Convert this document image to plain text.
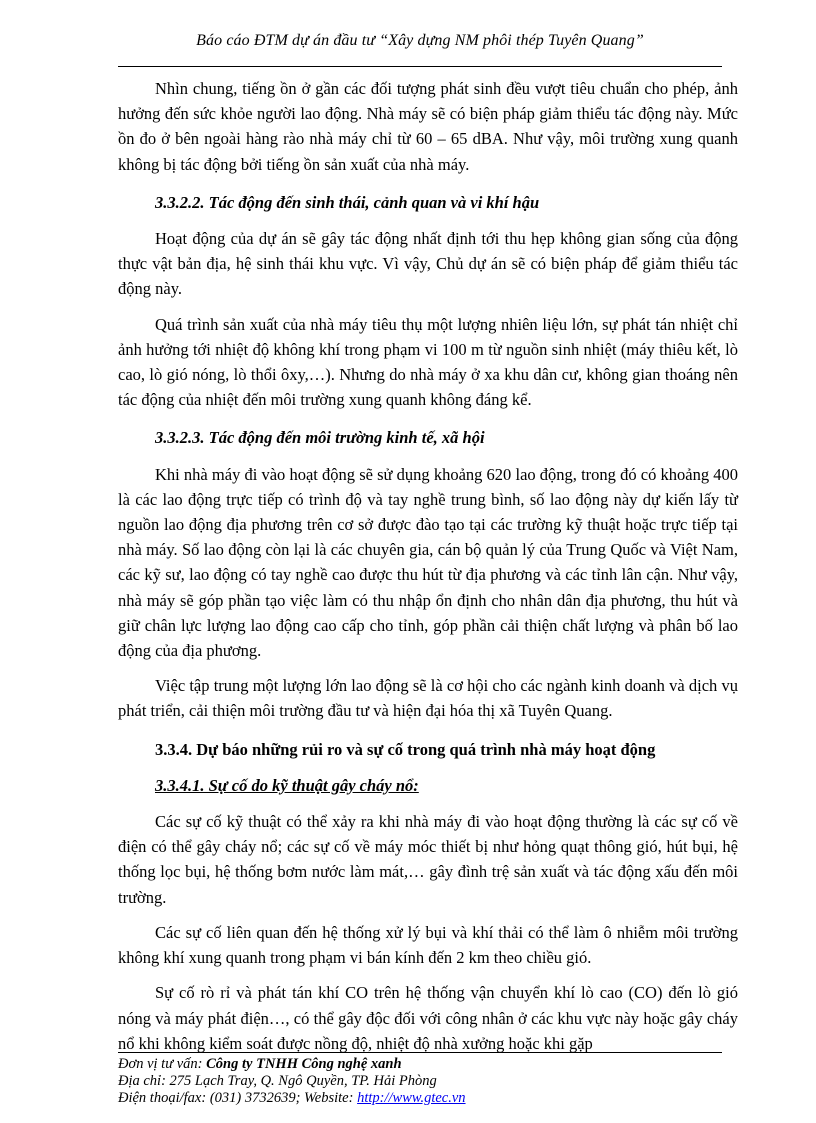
Báo cáo ĐTM dự án đầu tư “Xây dựng NM phôi thép Tuyên Quang”

Nhìn chung, tiếng ồn ở gần các đối tượng phát sinh đều vượt tiêu chuẩn cho phép, ảnh hưởng đến sức khỏe người lao động. Nhà máy sẽ có biện pháp giảm thiểu tác động này. Mức ồn đo ở bên ngoài hàng rào nhà máy chỉ từ 60 – 65 dBA. Như vậy, môi trường xung quanh không bị tác động bởi tiếng ồn sản xuất của nhà máy.

3.3.2.2. Tác động đến sinh thái, cảnh quan và vi khí hậu

Hoạt động của dự án sẽ gây tác động nhất định tới thu hẹp không gian sống của động thực vật bản địa, hệ sinh thái khu vực. Vì vậy, Chủ dự án sẽ có biện pháp để giảm thiểu tác động này.

Quá trình sản xuất của nhà máy tiêu thụ một lượng nhiên liệu lớn, sự phát tán nhiệt chỉ ảnh hưởng tới nhiệt độ không khí trong phạm vi 100 m từ nguồn sinh nhiệt (máy thiêu kết, lò cao, lò gió nóng, lò thổi ôxy,…). Nhưng do nhà máy ở xa khu dân cư, không gian thoáng nên tác động của nhiệt đến môi trường xung quanh không đáng kể.

3.3.2.3. Tác động đến môi trường kinh tế, xã hội

Khi nhà máy đi vào hoạt động sẽ sử dụng khoảng 620 lao động, trong đó có khoảng 400 là các lao động trực tiếp có trình độ và tay nghề trung bình, số lao động này dự kiến lấy từ nguồn lao động địa phương trên cơ sở được đào tạo tại các trường kỹ thuật hoặc trực tiếp tại nhà máy. Số lao động còn lại là các chuyên gia, cán bộ quản lý của Trung Quốc và Việt Nam, các kỹ sư, lao động có tay nghề cao được thu hút từ địa phương và các tỉnh lân cận. Như vậy, nhà máy sẽ góp phần tạo việc làm có thu nhập ổn định cho nhân dân địa phương, thu hút và giữ chân lực lượng lao động cao cấp cho tỉnh, góp phần cải thiện chất lượng và phân bố lao động của địa phương.

Việc tập trung một lượng lớn lao động sẽ là cơ hội cho các ngành kinh doanh và dịch vụ phát triển, cải thiện môi trường đầu tư và hiện đại hóa thị xã Tuyên Quang.

3.3.4. Dự báo những rủi ro và sự cố trong quá trình nhà máy hoạt động
3.3.4.1. Sự cố do kỹ thuật gây cháy nổ:

Các sự cố kỹ thuật có thể xảy ra khi nhà máy đi vào hoạt động thường là các sự cố về điện có thể gây cháy nổ; các sự cố về máy móc thiết bị như hỏng quạt thông gió, hút bụi, hệ thống lọc bụi, hệ thống bơm nước làm mát,… gây đình trệ sản xuất và tác động xấu đến môi trường.

Các sự cố liên quan đến hệ thống xử lý bụi và khí thải có thể làm ô nhiễm môi trường không khí xung quanh trong phạm vi bán kính đến 2 km theo chiều gió.

Sự cố rò rỉ và phát tán khí CO trên hệ thống vận chuyển khí lò cao (CO) đến lò gió nóng và máy phát điện…, có thể gây độc đối với công nhân ở các khu vực này hoặc gây cháy nổ khi không kiểm soát được nồng độ, nhiệt độ nhà xưởng hoặc khi gặp

Đơn vị tư vấn: Công ty TNHH Công nghệ xanh
Địa chỉ: 275 Lạch Tray, Q. Ngô Quyền, TP. Hải Phòng
Điện thoại/fax: (031) 3732639; Website: http://www.gtec.vn
